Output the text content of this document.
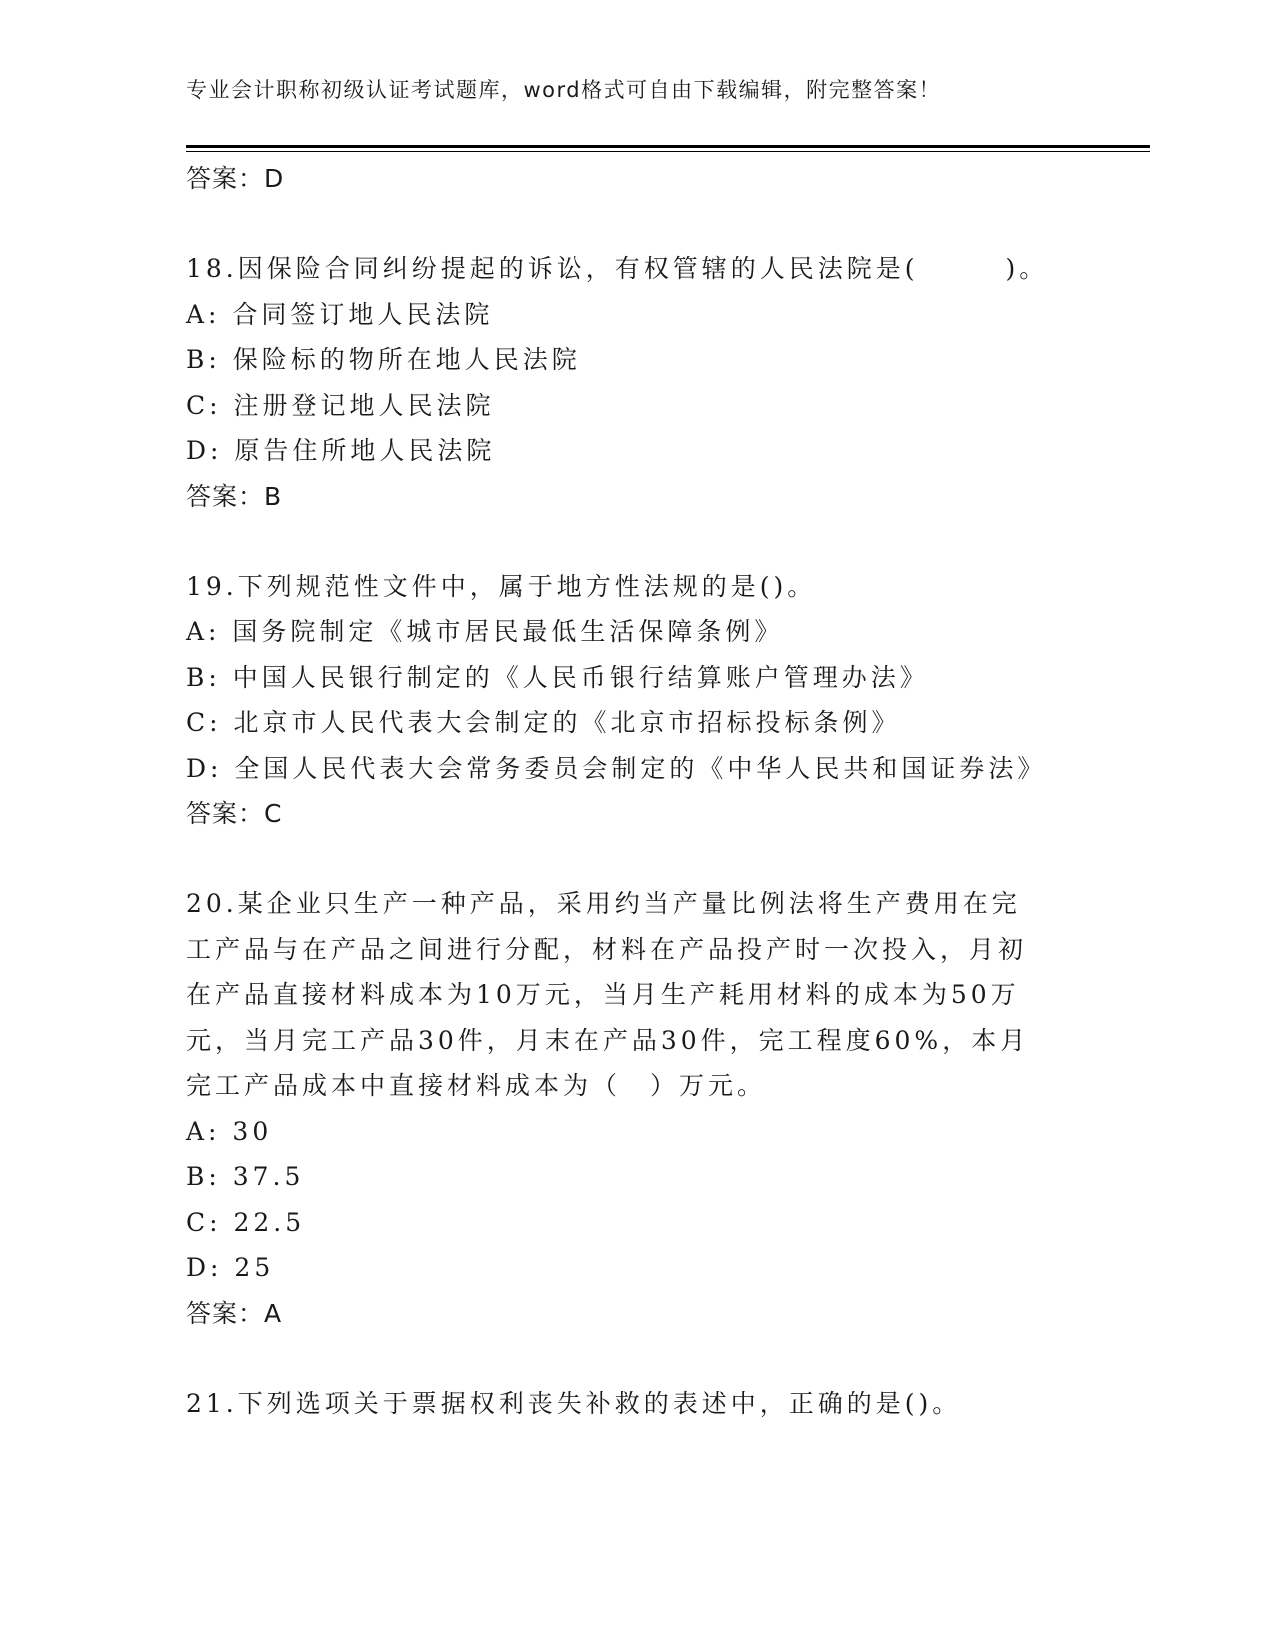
专业会计职称初级认证考试题库，word格式可自由下载编辑，附完整答案！
答案：D
18.因保险合同纠纷提起的诉讼，有权管辖的人民法院是(　　　)。
A: 合同签订地人民法院
B: 保险标的物所在地人民法院
C: 注册登记地人民法院
D: 原告住所地人民法院
答案：B
19.下列规范性文件中，属于地方性法规的是()。
A: 国务院制定《城市居民最低生活保障条例》
B: 中国人民银行制定的《人民币银行结算账户管理办法》
C: 北京市人民代表大会制定的《北京市招标投标条例》
D: 全国人民代表大会常务委员会制定的《中华人民共和国证券法》
答案：C
20.某企业只生产一种产品，采用约当产量比例法将生产费用在完工产品与在产品之间进行分配，材料在产品投产时一次投入，月初在产品直接材料成本为10万元，当月生产耗用材料的成本为50万元，当月完工产品30件，月末在产品30件，完工程度60%，本月完工产品成本中直接材料成本为（　）万元。
A: 30
B: 37.5
C: 22.5
D: 25
答案：A
21.下列选项关于票据权利丧失补救的表述中，正确的是()。
